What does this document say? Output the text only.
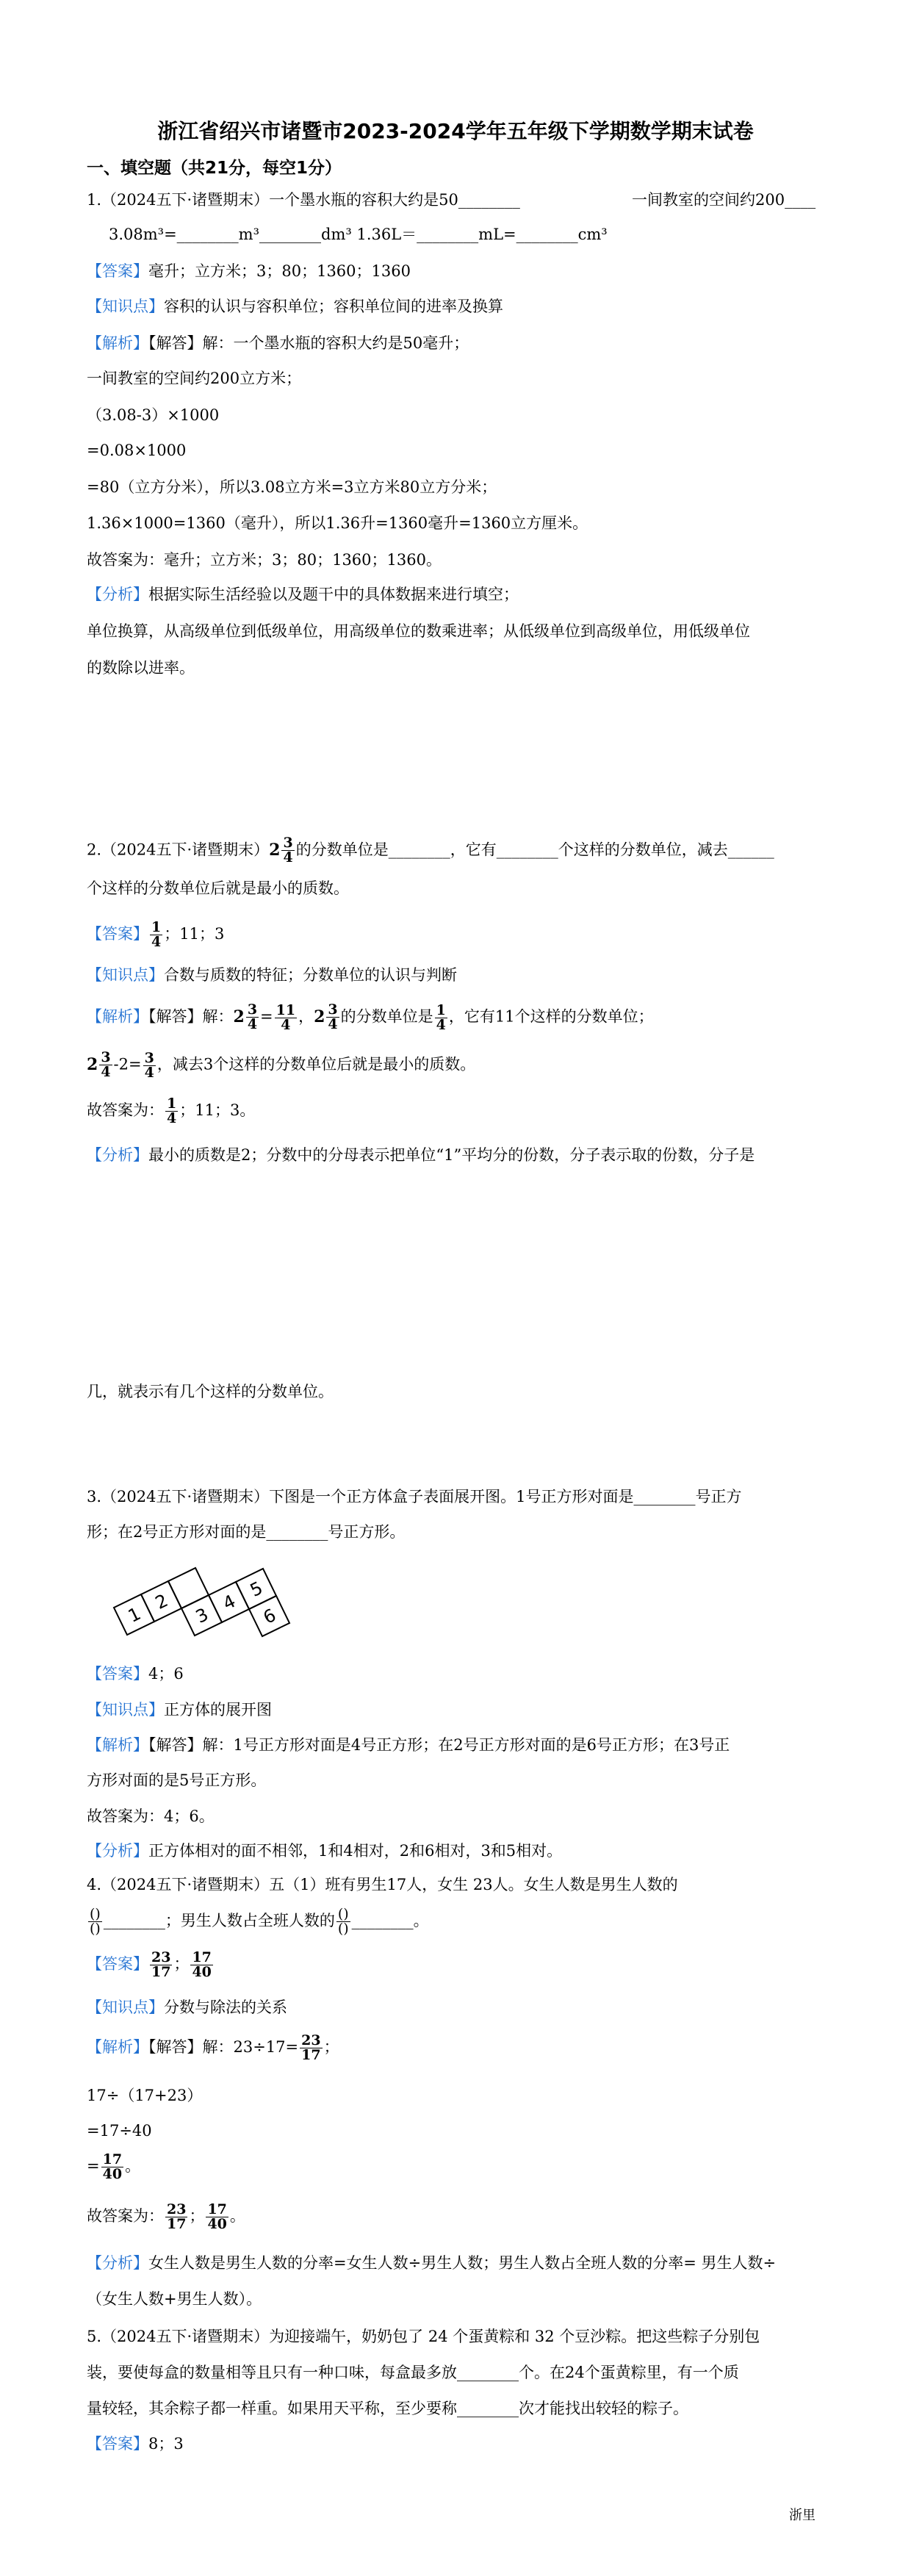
浙江省绍兴市诸暨市2023-2024学年五年级下学期数学期末试卷
一、填空题（共21分，每空1分）
1.（2024五下·诸暨期末）一个墨水瓶的容积大约是50________	一间教室的空间约200____
3.08m³=________m³________dm³ 1.36L＝________mL=________cm³
【答案】毫升；立方米；3；80；1360；1360
【知识点】容积的认识与容积单位；容积单位间的进率及换算
【解析】【解答】解：一个墨水瓶的容积大约是50毫升；
一间教室的空间约200立方米；
（3.08-3）×1000
=0.08×1000
=80（立方分米），所以3.08立方米=3立方米80立方分米；
1.36×1000=1360（毫升），所以1.36升=1360毫升=1360立方厘米。
故答案为：毫升；立方米；3；80；1360；1360。
【分析】根据实际生活经验以及题干中的具体数据来进行填空；
单位换算，从高级单位到低级单位，用高级单位的数乘进率；从低级单位到高级单位，用低级单位
的数除以进率。
2.（2024五下·诸暨期末）$2 \frac{3}{4}$ 的分数单位是________，它有________个这样的分数单位，减去______
个这样的分数单位后就是最小的质数。
【答案】 $\frac{1}{4}$ ；11；3
【知识点】合数与质数的特征；分数单位的认识与判断
【解析】【解答】解：$2 \frac{3}{4} = \frac{11}{4}$ ，$2 \frac{3}{4}$ 的分数单位是 $\frac{1}{4}$ ，它有11个这样的分数单位；
$2 \frac{3}{4} -2= \frac{3}{4}$ ，减去3个这样的分数单位后就是最小的质数。
故答案为： $\frac{1}{4}$ ；11；3。
【分析】最小的质数是2；分数中的分母表示把单位“1”平均分的份数，分子表示取的份数，分子是
几，就表示有几个这样的分数单位。
3.（2024五下·诸暨期末）下图是一个正方体盒子表面展开图。1号正方形对面是________号正方
形；在2号正方形对面的是________号正方形。
1
2
3
4
5
6
【答案】4；6
【知识点】正方体的展开图
【解析】【解答】解：1号正方形对面是4号正方形；在2号正方形对面的是6号正方形；在3号正
方形对面的是5号正方形。
故答案为：4；6。
【分析】正方体相对的面不相邻，1和4相对，2和6相对，3和5相对。
4.（2024五下·诸暨期末）五（1）班有男生17人，女生 23人。女生人数是男生人数的
$\frac{()}{()}$ ________；男生人数占全班人数的 $\frac{()}{()}$ ________。
【答案】 $\frac{23}{17}$ ； $\frac{17}{40}$
【知识点】分数与除法的关系
【解析】【解答】解：$23\div 17= \frac{23}{17}$ ；
17÷（17+23）
=17÷40
= $\frac{17}{40}$ 。
故答案为： $\frac{23}{17}$ ； $\frac{17}{40}$ 。
【分析】女生人数是男生人数的分率=女生人数÷男生人数；男生人数占全班人数的分率= 男生人数÷
（女生人数+男生人数）。
5.（2024五下·诸暨期末）为迎接端午，奶奶包了 24 个蛋黄粽和 32 个豆沙粽。把这些粽子分别包
装，要使每盒的数量相等且只有一种口味，每盒最多放________个。在24个蛋黄粽里，有一个质
量较轻，其余粽子都一样重。如果用天平称，至少要称________次才能找出较轻的粽子。
【答案】8；3
浙里
